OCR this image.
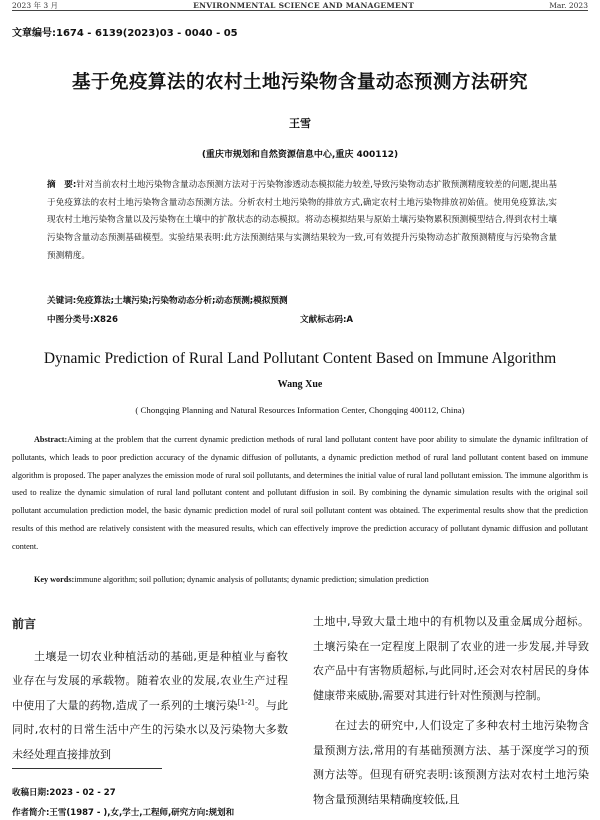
2023 年 3 月	ENVIRONMENTAL SCIENCE AND MANAGEMENT	Mar. 2023
文章编号:1674 - 6139(2023)03 - 0040 - 05
基于免疫算法的农村土地污染物含量动态预测方法研究
王雪
(重庆市规划和自然资源信息中心,重庆 400112)
摘　要:针对当前农村土地污染物含量动态预测方法对于污染物渗透动态模拟能力较差,导致污染物动态扩散预测精度较差的问题,提出基于免疫算法的农村土地污染物含量动态预测方法。分析农村土地污染物的排放方式,确定农村土地污染物排放初始值。使用免疫算法,实现农村土地污染物含量以及污染物在土壤中的扩散状态的动态模拟。将动态模拟结果与原始土壤污染物累积预测模型结合,得到农村土壤污染物含量动态预测基础模型。实验结果表明:此方法预测结果与实测结果较为一致,可有效提升污染物动态扩散预测精度与污染物含量预测精度。
关键词:免疫算法;土壤污染;污染物动态分析;动态预测;模拟预测
中图分类号:X826	文献标志码:A
Dynamic Prediction of Rural Land Pollutant Content Based on Immune Algorithm
Wang Xue
( Chongqing Planning and Natural Resources Information Center, Chongqing 400112, China)
Abstract:Aiming at the problem that the current dynamic prediction methods of rural land pollutant content have poor ability to simulate the dynamic infiltration of pollutants, which leads to poor prediction accuracy of the dynamic diffusion of pollutants, a dynamic prediction method of rural land pollutant content based on immune algorithm is proposed. The paper analyzes the emission mode of rural soil pollutants, and determines the initial value of rural land pollutant emission. The immune algorithm is used to realize the dynamic simulation of rural land pollutant content and pollutant diffusion in soil. By combining the dynamic simulation results with the original soil pollutant accumulation prediction model, the basic dynamic prediction model of rural soil pollutant content was obtained. The experimental results show that the prediction results of this method are relatively consistent with the measured results, which can effectively improve the prediction accuracy of pollutant dynamic diffusion and pollutant content.
Key words:immune algorithm; soil pollution; dynamic analysis of pollutants; dynamic prediction; simulation prediction
前言
土壤是一切农业种植活动的基础,更是种植业与畜牧业存在与发展的承载物。随着农业的发展,农业生产过程中使用了大量的药物,造成了一系列的土壤污染[1-2]。与此同时,农村的日常生活中产生的污染水以及污染物大多数未经处理直接排放到
土地中,导致大量土地中的有机物以及重金属成分超标。土壤污染在一定程度上限制了农业的进一步发展,并导致农产品中有害物质超标,与此同时,还会对农村居民的身体健康带来威胁,需要对其进行针对性预测与控制。
在过去的研究中,人们设定了多种农村土地污染物含量预测方法,常用的有基础预测方法、基于深度学习的预测方法等。但现有研究表明:该预测方法对农村土地污染物含量预测结果精确度较低,且
收稿日期:2023 - 02 - 27
作者简介:王雪(1987 - ),女,学士,工程师,研究方向:规划和
